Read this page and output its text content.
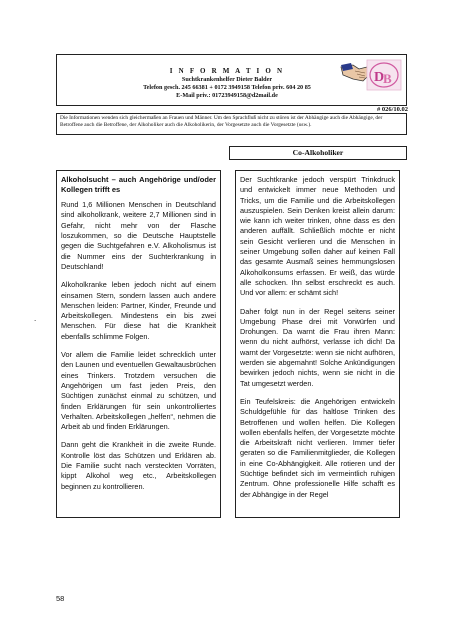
I N F O R M A T I O N
Suchtkrankenhelfer Dieter Balder
Telefon gesch. 245 66381 + 0172 3949158 Telefon priv. 604 20 85
E-Mail priv.: 01723949158@d2mail.de
D
B
# 026/10.02
Die Informationen wenden sich gleichermaßen an Frauen und Männer. Um den Sprachfluß nicht zu stören ist der Abhängige auch die Abhängige, der Betroffene auch die Betroffene, der Alkoholiker auch die Alkoholikerin, der Vorgesetzte auch die Vorgesetzte (usw.).
Co-Alkoholiker
Alkoholsucht – auch Angehörige und/oder Kollegen trifft es

Rund 1,6 Millionen Menschen in Deutschland sind alkoholkrank, weitere 2,7 Millionen sind in Gefahr, nicht mehr von der Flasche loszukommen, so die Deutsche Hauptstelle gegen die Suchtgefahren e.V. Alkoholismus ist die Nummer eins der Suchterkrankung in Deutschland!

Alkoholkranke leben jedoch nicht auf einem einsamen Stern, sondern lassen auch andere Menschen leiden: Partner, Kinder, Freunde und Arbeitskollegen. Mindestens ein bis zwei Menschen. Für diese hat die Krankheit ebenfalls schlimme Folgen.

Vor allem die Familie leidet schrecklich unter den Launen und eventuellen Gewaltausbrüchen eines Trinkers. Trotzdem versuchen die Angehörigen um fast jeden Preis, den Süchtigen zunächst einmal zu schützen, und finden Erklärungen für sein unkontrolliertes Verhalten. Arbeitskollegen „helfen“, nehmen die Arbeit ab und finden Erklärungen.

Dann geht die Krankheit in die zweite Runde. Kontrolle löst das Schützen und Erklären ab. Die Familie sucht nach versteckten Vorräten, kippt Alkohol weg etc., Arbeitskollegen beginnen zu kontrollieren.

Der Suchtkranke jedoch verspürt Trinkdruck und entwickelt immer neue Methoden und Tricks, um die Familie und die Arbeitskollegen auszuspielen. Sein Denken kreist allein darum: wie kann ich weiter trinken, ohne dass es den anderen auffällt. Schließlich möchte er nicht sein Gesicht verlieren und die Menschen in seiner Umgebung sollen daher auf keinen Fall das gesamte Ausmaß seines hemmungslosen Alkoholkonsums erfassen. Er weiß, das würde alle schocken. Ihn selbst erschreckt es auch. Und vor allem: er schämt sich!

Daher folgt nun in der Regel seitens seiner Umgebung Phase drei mit Vorwürfen und Drohungen. Da warnt die Frau ihren Mann: wenn du nicht aufhörst, verlasse ich dich! Da warnt der Vorgesetzte: wenn sie nicht aufhören, werden sie abgemahnt! Solche Ankündigungen bewirken jedoch nichts, wenn sie nicht in die Tat umgesetzt werden.

Ein Teufelskreis: die Angehörigen entwickeln Schuldgefühle für das haltlose Trinken des Betroffenen und wollen helfen. Die Kollegen wollen ebenfalls helfen, der Vorgesetzte möchte die Arbeitskraft nicht verlieren. Immer tiefer geraten so die Familienmitglieder, die Kollegen in eine Co-Abhängigkeit. Alle rotieren und der Süchtige befindet sich im vermeintlich ruhigen Zentrum. Ohne professionelle Hilfe schafft es der Abhängige in der Regel

.
58
